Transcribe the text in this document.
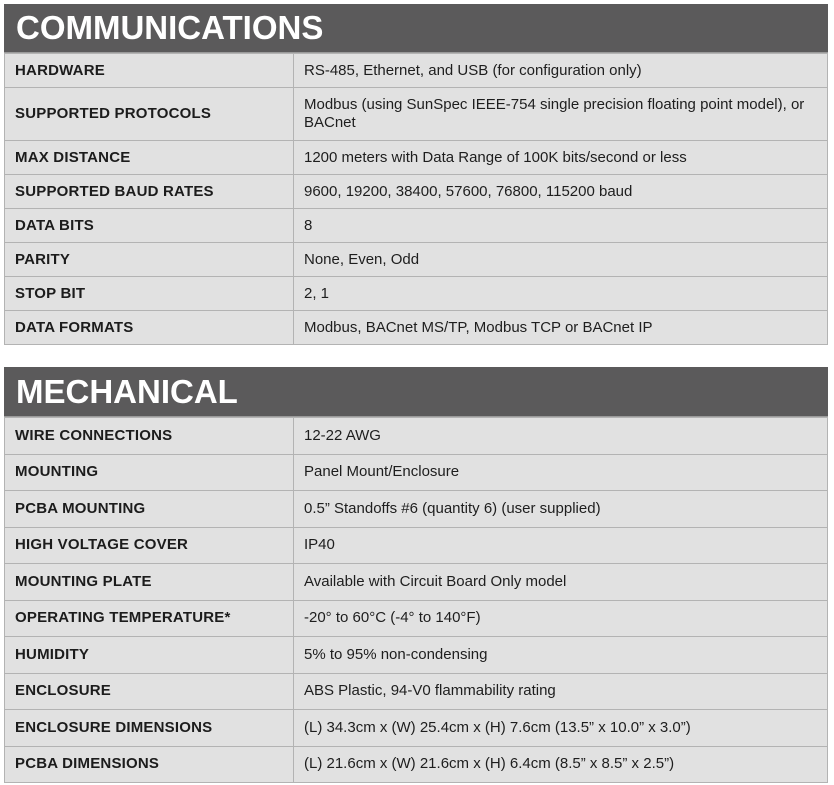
COMMUNICATIONS
HARDWARE	RS-485, Ethernet, and USB (for configuration only)
SUPPORTED PROTOCOLS	Modbus (using SunSpec IEEE-754 single precision floating point model), or BACnet
MAX DISTANCE	1200 meters with Data Range of 100K bits/second or less
SUPPORTED BAUD RATES	9600, 19200, 38400, 57600, 76800, 115200 baud
DATA BITS	8
PARITY	None, Even, Odd
STOP BIT	2, 1
DATA FORMATS	Modbus, BACnet MS/TP, Modbus TCP or BACnet IP
MECHANICAL
WIRE CONNECTIONS	12-22 AWG
MOUNTING	Panel Mount/Enclosure
PCBA MOUNTING	0.5” Standoffs #6 (quantity 6) (user supplied)
HIGH VOLTAGE COVER	IP40
MOUNTING PLATE	Available with Circuit Board Only model
OPERATING TEMPERATURE*	-20° to 60°C (-4° to 140°F)
HUMIDITY	5% to 95% non-condensing
ENCLOSURE	ABS Plastic, 94-V0 flammability rating
ENCLOSURE DIMENSIONS	(L) 34.3cm x (W) 25.4cm x (H) 7.6cm (13.5” x 10.0” x 3.0”)
PCBA DIMENSIONS	(L) 21.6cm x (W) 21.6cm x (H) 6.4cm (8.5” x 8.5” x 2.5”)
